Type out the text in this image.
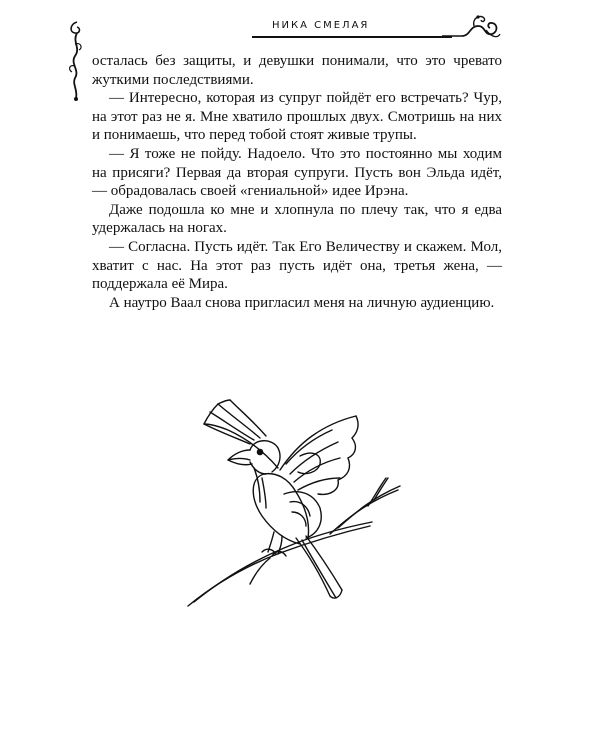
НИКА СМЕЛАЯ

осталась без защиты, и девушки понимали, что это чревато жуткими последствиями.

— Интересно, которая из супруг пойдёт его встречать? Чур, на этот раз не я. Мне хватило прошлых двух. Смотришь на них и понимаешь, что перед тобой стоят живые трупы.

— Я тоже не пойду. Надоело. Что это постоянно мы ходим на присяги? Первая да вторая супруги. Пусть вон Эльда идёт, — обрадовалась своей «гениальной» идее Ирэна.

Даже подошла ко мне и хлопнула по плечу так, что я едва удержалась на ногах.

— Согласна. Пусть идёт. Так Его Величеству и скажем. Мол, хватит с нас. На этот раз пусть идёт она, третья жена, — поддержала её Мира.

А наутро Ваал снова пригласил меня на личную аудиенцию.
